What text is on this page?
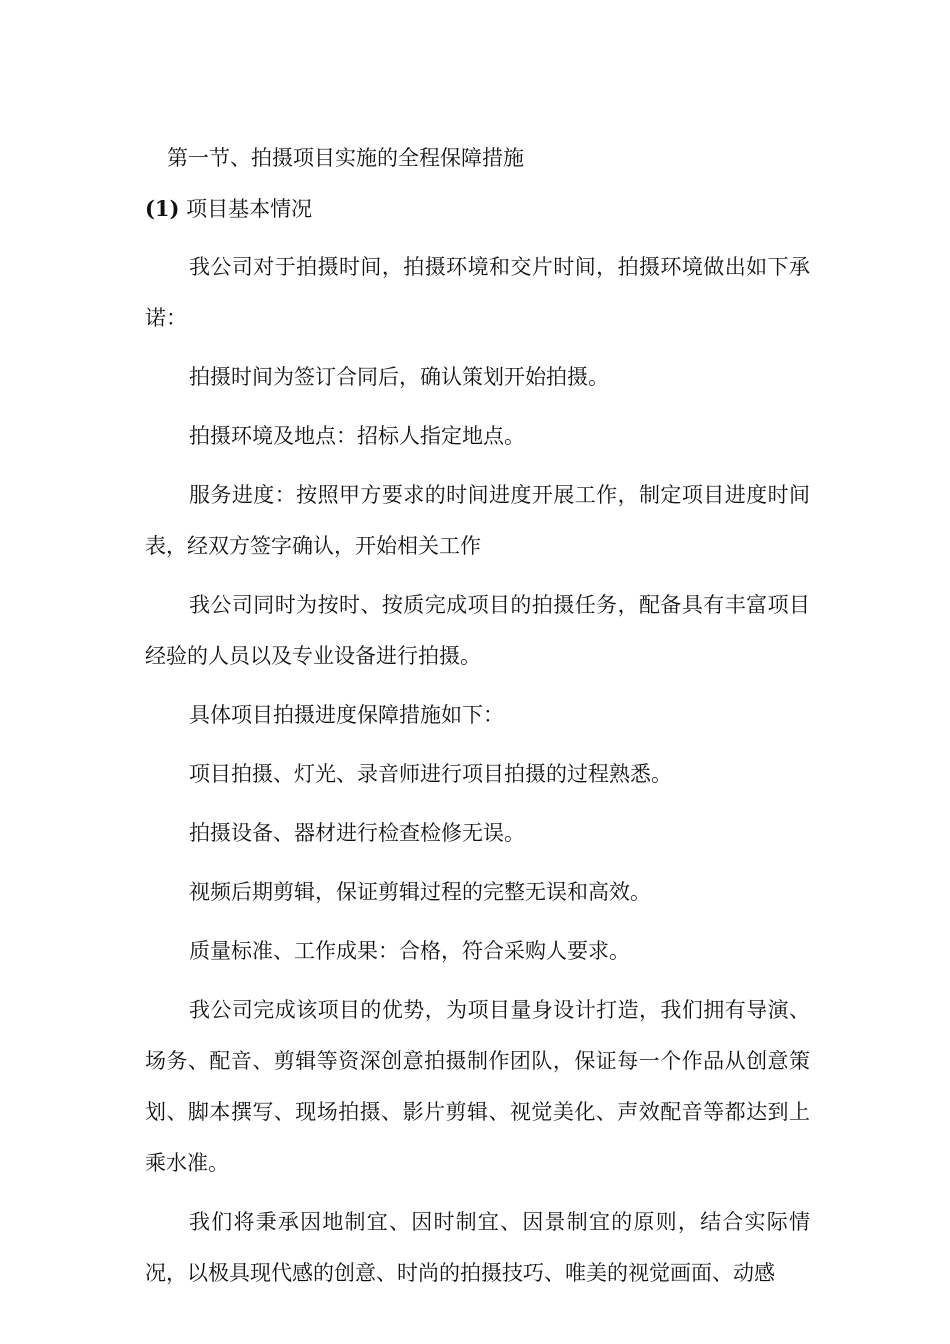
第一节、拍摄项目实施的全程保障措施
(1) 项目基本情况

我公司对于拍摄时间，拍摄环境和交片时间，拍摄环境做出如下承诺：

拍摄时间为签订合同后，确认策划开始拍摄。

拍摄环境及地点：招标人指定地点。

服务进度：按照甲方要求的时间进度开展工作，制定项目进度时间表，经双方签字确认，开始相关工作

我公司同时为按时、按质完成项目的拍摄任务，配备具有丰富项目经验的人员以及专业设备进行拍摄。

具体项目拍摄进度保障措施如下：

项目拍摄、灯光、录音师进行项目拍摄的过程熟悉。

拍摄设备、器材进行检查检修无误。

视频后期剪辑，保证剪辑过程的完整无误和高效。

质量标准、工作成果：合格，符合采购人要求。

我公司完成该项目的优势，为项目量身设计打造，我们拥有导演、场务、配音、剪辑等资深创意拍摄制作团队，保证每一个作品从创意策划、脚本撰写、现场拍摄、影片剪辑、视觉美化、声效配音等都达到上乘水准。

我们将秉承因地制宜、因时制宜、因景制宜的原则，结合实际情况，以极具现代感的创意、时尚的拍摄技巧、唯美的视觉画面、动感
